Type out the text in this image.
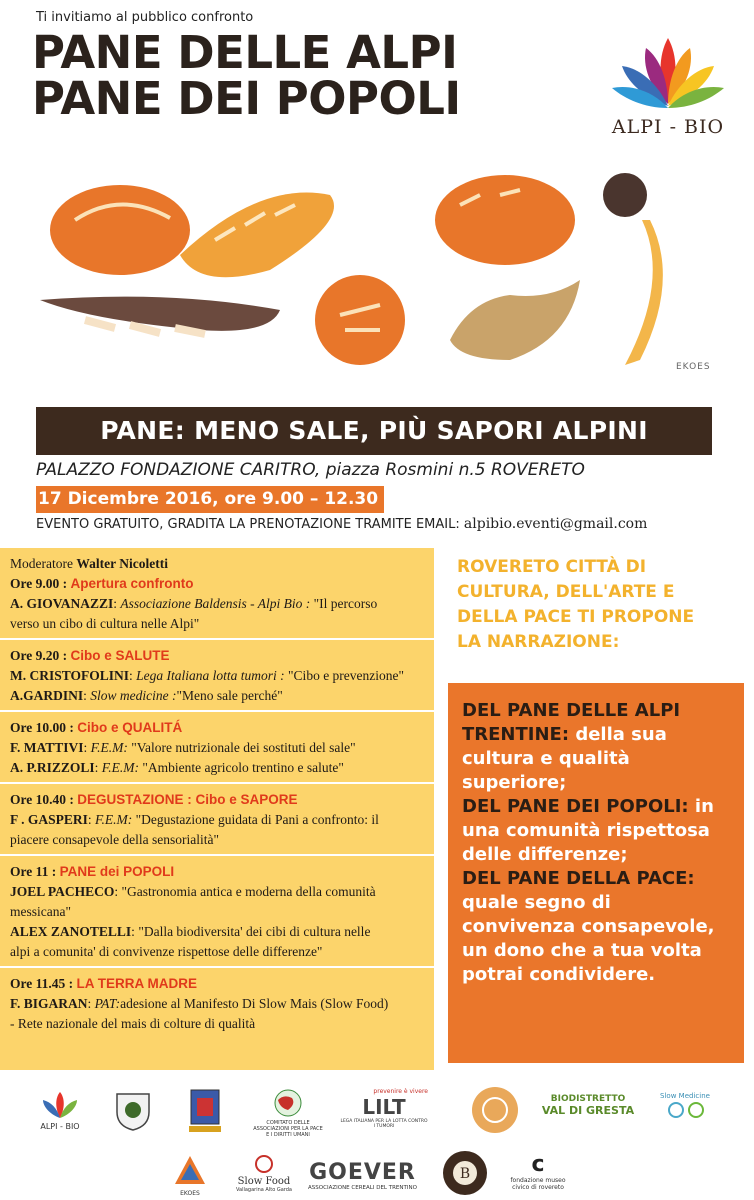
Ti invitiamo al pubblico confronto
PANE DELLE ALPI
PANE DEI POPOLI
ALPI - BIO
EKOES
PANE: MENO SALE, PIÙ SAPORI ALPINI
PALAZZO FONDAZIONE CARITRO, piazza Rosmini n.5 ROVERETO
17 Dicembre 2016, ore 9.00 – 12.30
EVENTO GRATUITO, GRADITA LA PRENOTAZIONE TRAMITE EMAIL: alpibio.eventi@gmail.com
Moderatore Walter Nicoletti
Ore 9.00 : Apertura confronto
A. GIOVANAZZI: Associazione Baldensis - Alpi Bio : "Il percorso
verso un cibo di cultura nelle Alpi"
Ore 9.20 : Cibo e SALUTE
M. CRISTOFOLINI: Lega Italiana lotta tumori : "Cibo e prevenzione"
A.GARDINI: Slow medicine :"Meno sale perché"
Ore 10.00 : Cibo e QUALITÁ
F. MATTIVI: F.E.M: "Valore nutrizionale dei sostituti del sale"
A. P.RIZZOLI: F.E.M: "Ambiente agricolo trentino e salute"
Ore 10.40 : DEGUSTAZIONE : Cibo e SAPORE
F . GASPERI: F.E.M: "Degustazione guidata di Pani a confronto: il
piacere consapevole della sensorialità"
Ore 11 : PANE dei POPOLI
JOEL PACHECO: "Gastronomia antica e moderna della comunità
messicana"
ALEX ZANOTELLI: "Dalla biodiversita' dei cibi di cultura nelle
alpi a comunita' di convivenze rispettose delle differenze"
Ore 11.45 : LA TERRA MADRE
F. BIGARAN: PAT:adesione al Manifesto Di Slow Mais (Slow Food)
- Rete nazionale del mais di colture di qualità
ROVERETO CITTÀ DI CULTURA, DELL'ARTE E DELLA PACE TI PROPONE LA NARRAZIONE:
DEL PANE DELLE ALPI TRENTINE: della sua cultura e qualità superiore;
DEL PANE DEI POPOLI: in una comunità rispettosa delle differenze;
DEL PANE DELLA PACE: quale segno di convivenza consapevole, un dono che a tua volta potrai condividere.
ALPI - BIO	COMITATO DELLE ASSOCIAZIONI PER LA PACE E I DIRITTI UMANI
prevenire è vivere
LILT
LEGA ITALIANA PER LA LOTTA CONTRO I TUMORI
BIODISTRETTO
VAL DI GRESTA
Slow Medicine
EKOES
Slow Food
Vallagarina Alto Garda
GOEVER
ASSOCIAZIONE CEREALI DEL TRENTINO
B	c
fondazione museo civico di rovereto
